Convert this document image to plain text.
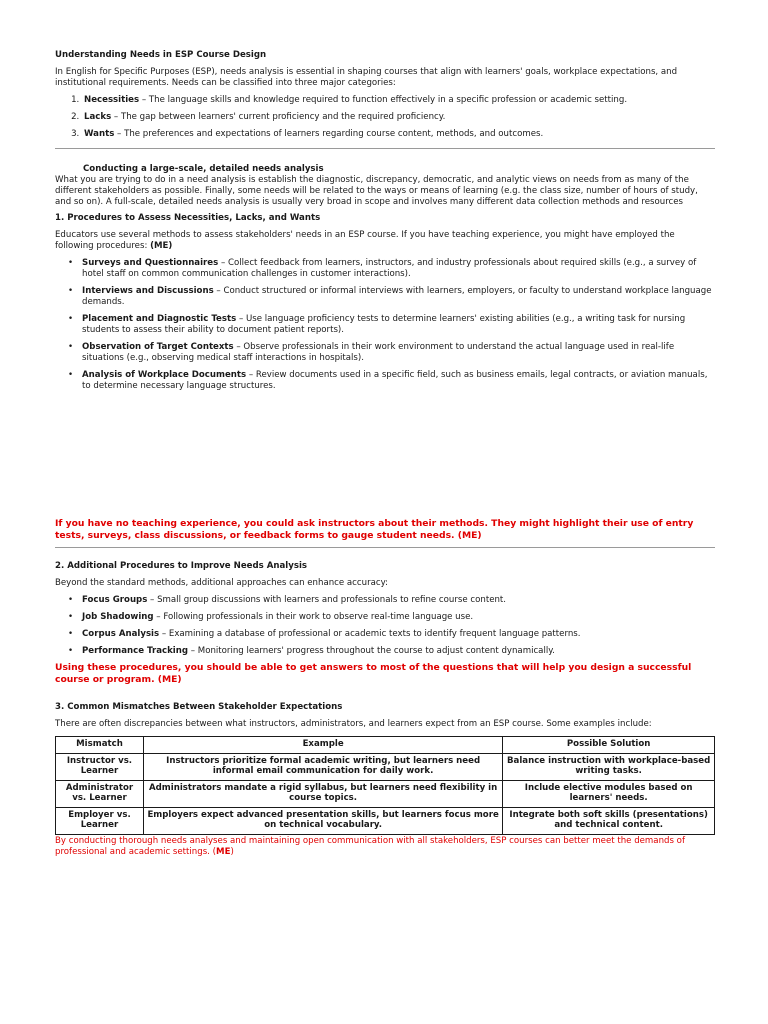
Understanding Needs in ESP Course Design

In English for Specific Purposes (ESP), needs analysis is essential in shaping courses that align with learners' goals, workplace expectations, and institutional requirements. Needs can be classified into three major categories:

1. Necessities – The language skills and knowledge required to function effectively in a specific profession or academic setting.
2. Lacks – The gap between learners' current proficiency and the required proficiency.
3. Wants – The preferences and expectations of learners regarding course content, methods, and outcomes.
Conducting a large-scale, detailed needs analysis

What you are trying to do in a need analysis is establish the diagnostic, discrepancy, democratic, and analytic views on needs from as many of the different stakeholders as possible. Finally, some needs will be related to the ways or means of learning (e.g. the class size, number of hours of study, and so on). A full-scale, detailed needs analysis is usually very broad in scope and involves many different data collection methods and resources

1. Procedures to Assess Necessities, Lacks, and Wants

Educators use several methods to assess stakeholders' needs in an ESP course. If you have teaching experience, you might have employed the following procedures: (ME)

• Surveys and Questionnaires – Collect feedback from learners, instructors, and industry professionals about required skills (e.g., a survey of hotel staff on common communication challenges in customer interactions).
• Interviews and Discussions – Conduct structured or informal interviews with learners, employers, or faculty to understand workplace language demands.
• Placement and Diagnostic Tests – Use language proficiency tests to determine learners' existing abilities (e.g., a writing task for nursing students to assess their ability to document patient reports).
• Observation of Target Contexts – Observe professionals in their work environment to understand the actual language used in real-life situations (e.g., observing medical staff interactions in hospitals).
• Analysis of Workplace Documents – Review documents used in a specific field, such as business emails, legal contracts, or aviation manuals, to determine necessary language structures.

If you have no teaching experience, you could ask instructors about their methods. They might highlight their use of entry tests, surveys, class discussions, or feedback forms to gauge student needs. (ME)

2. Additional Procedures to Improve Needs Analysis

Beyond the standard methods, additional approaches can enhance accuracy:

• Focus Groups – Small group discussions with learners and professionals to refine course content.
• Job Shadowing – Following professionals in their work to observe real-time language use.
• Corpus Analysis – Examining a database of professional or academic texts to identify frequent language patterns.
• Performance Tracking – Monitoring learners' progress throughout the course to adjust content dynamically.

Using these procedures, you should be able to get answers to most of the questions that will help you design a successful course or program. (ME)

3. Common Mismatches Between Stakeholder Expectations

There are often discrepancies between what instructors, administrators, and learners expect from an ESP course. Some examples include:

Mismatch	Example	Possible Solution
Instructor vs. Learner	Instructors prioritize formal academic writing, but learners need informal email communication for daily work.	Balance instruction with workplace-based writing tasks.
Administrator vs. Learner	Administrators mandate a rigid syllabus, but learners need flexibility in course topics.	Include elective modules based on learners' needs.
Employer vs. Learner	Employers expect advanced presentation skills, but learners focus more on technical vocabulary.	Integrate both soft skills (presentations) and technical content.

By conducting thorough needs analyses and maintaining open communication with all stakeholders, ESP courses can better meet the demands of professional and academic settings. (ME)
